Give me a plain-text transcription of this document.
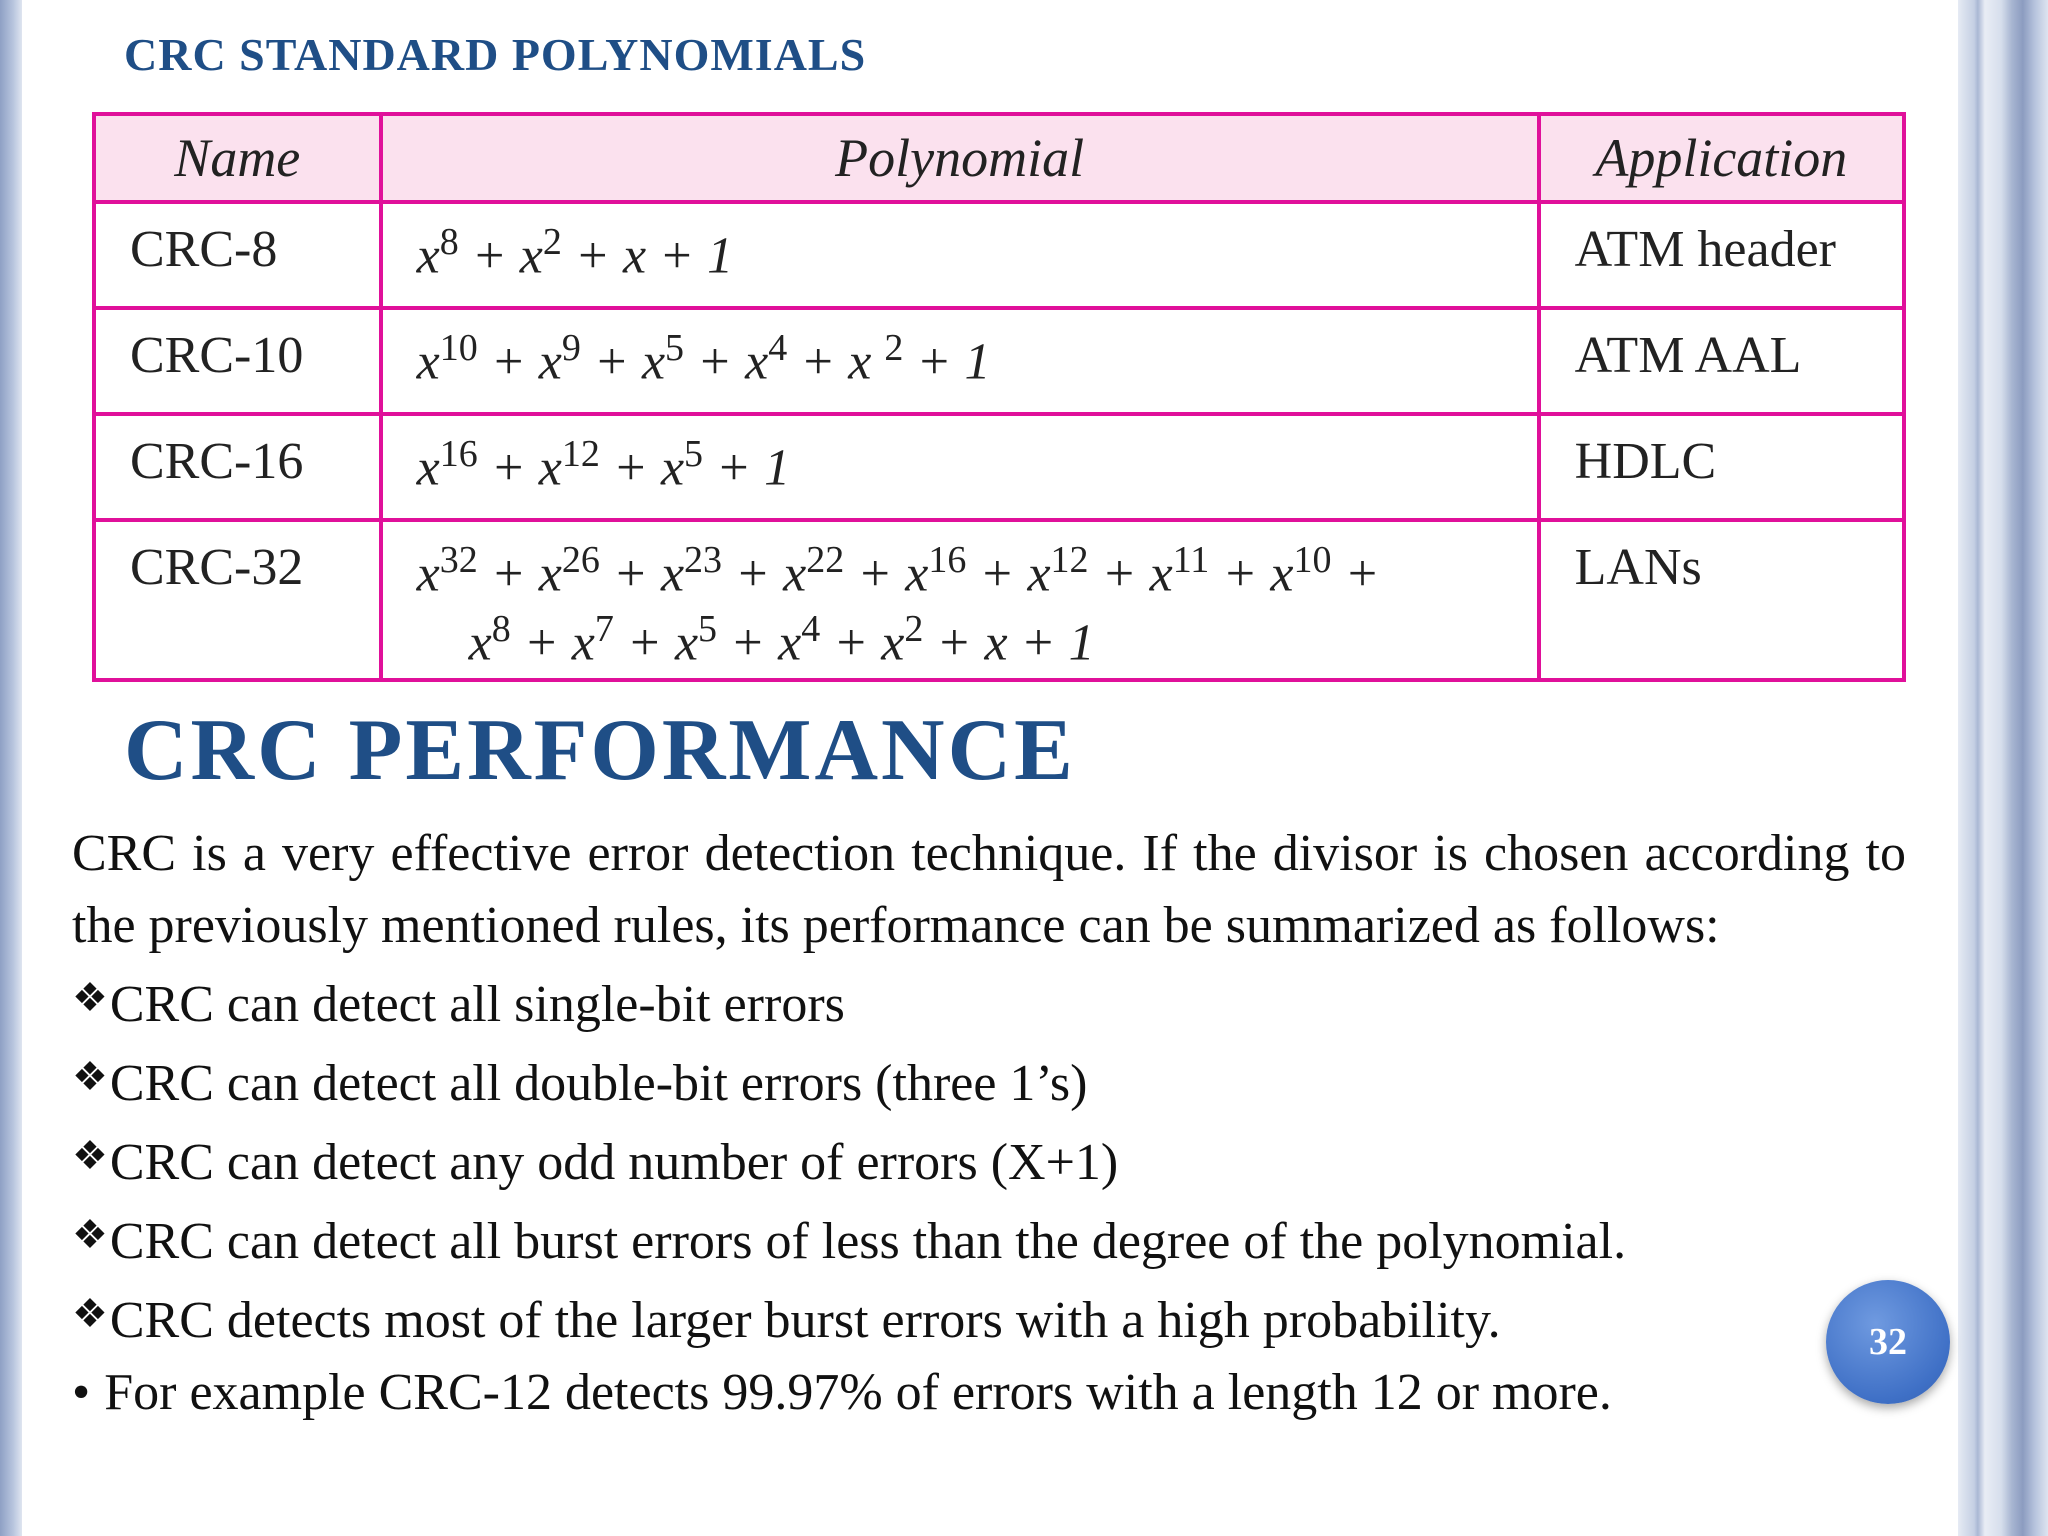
CRC STANDARD POLYNOMIALS
Name	Polynomial	Application
CRC-8	$x^8 + x^2 + x + 1$	ATM header
CRC-10	$x^{10} + x^9 + x^5 + x^4 + x$ $^2$ + 1	ATM AAL
CRC-16	$x^{16} + x^{12} + x^5 + 1$	HDLC
CRC-32	$x^{32} + x^{26} + x^{23} + x^{22} + x^{16} + x^{12} + x^{11} + x^{10}$ +
$x^8 + x^7 + x^5 + x^4 + x^2 + x + 1$	LANs
CRC PERFORMANCE

CRC is a very effective error detection technique. If the divisor is chosen according to the previously mentioned rules, its performance can be summarized as follows:

❖CRC can detect all single-bit errors
❖CRC can detect all double-bit errors (three 1’s)
❖CRC can detect any odd number of errors (X+1)
❖CRC can detect all burst errors of less than the degree of the polynomial.
❖CRC detects most of the larger burst errors with a high probability.
• For example CRC-12 detects 99.97% of errors with a length 12 or more.
32
